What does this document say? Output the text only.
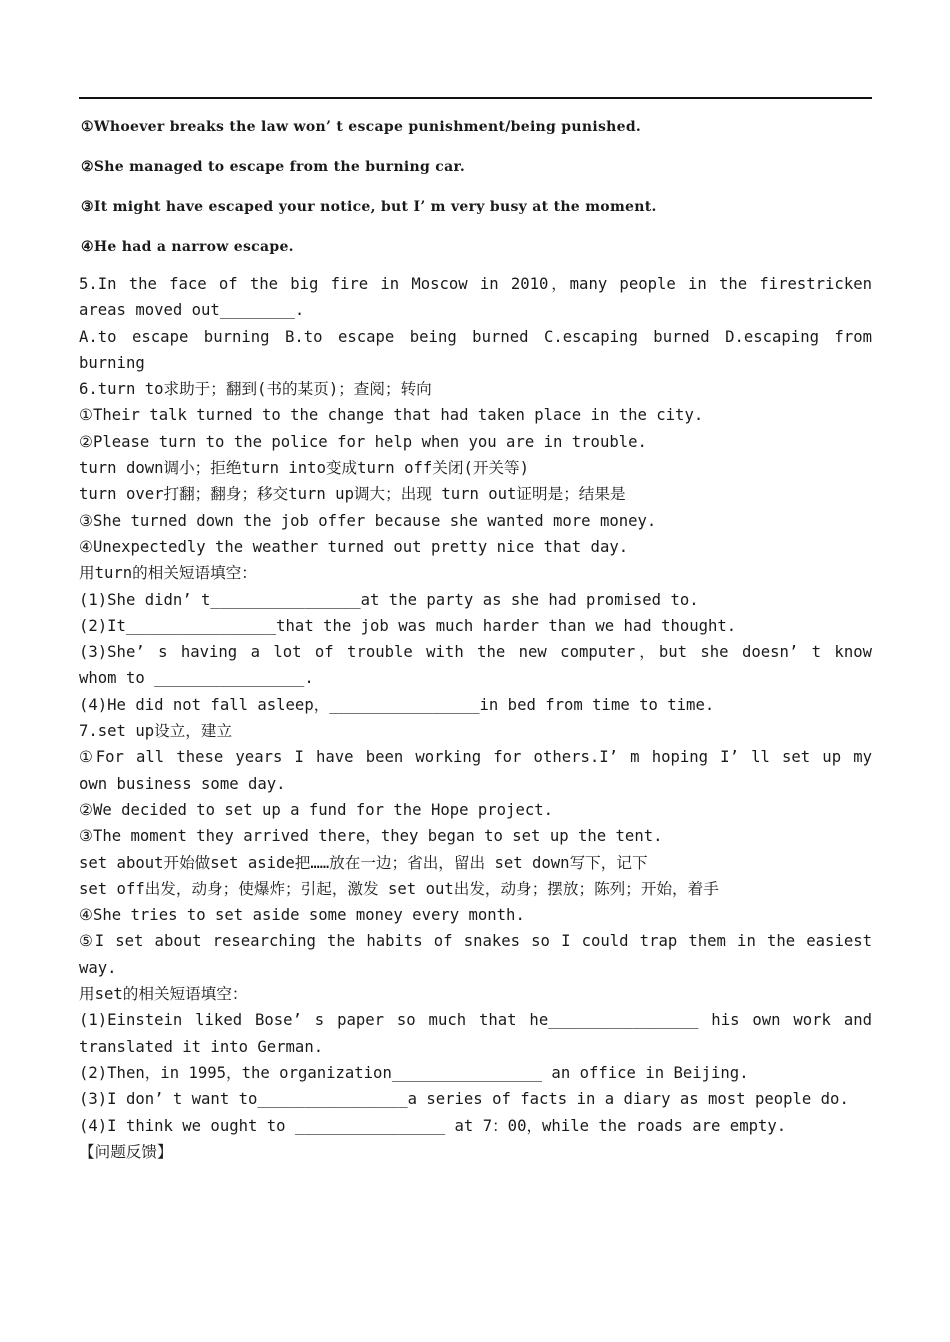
①Whoever breaks the law won’ t escape punishment/being punished.
②She managed to escape from the burning car.
③It might have escaped your notice, but I’ m very busy at the moment.
④He had a narrow escape.
5.In the face of the big fire in Moscow in 2010，many people in the firestricken
areas moved out________.
A.to escape burning B.to escape being burned C.escaping burned D.escaping from
burning
6.turn to求助于；翻到(书的某页)；查阅；转向
①Their talk turned to the change that had taken place in the city.
②Please turn to the police for help when you are in trouble.
turn down调小；拒绝turn into变成turn off关闭(开关等)
turn over打翻；翻身；移交turn up调大；出现 turn out证明是；结果是
③She turned down the job offer because she wanted more money.
④Unexpectedly the weather turned out pretty nice that day.
用turn的相关短语填空：
(1)She didn’ t________________at the party as she had promised to.
(2)It________________that the job was much harder than we had thought.
(3)She’ s having a lot of trouble with the new computer，but she doesn’ t know
whom to ________________.
(4)He did not fall asleep，________________in bed from time to time.
7.set up设立，建立
①For all these years I have been working for others.I’ m hoping I’ ll set up my
own business some day.
②We decided to set up a fund for the Hope project.
③The moment they arrived there，they began to set up the tent.
set about开始做set aside把……放在一边；省出，留出 set down写下，记下
set off出发，动身；使爆炸；引起，激发 set out出发，动身；摆放；陈列；开始，着手
④She tries to set aside some money every month.
⑤I set about researching the habits of snakes so I could trap them in the easiest
way.
用set的相关短语填空：
(1)Einstein liked Bose’ s paper so much that he________________ his own work and
translated it into German.
(2)Then，in 1995，the organization________________ an office in Beijing.
(3)I don’ t want to________________a series of facts in a diary as most people do.
(4)I think we ought to ________________ at 7：00，while the roads are empty.
【问题反馈】
